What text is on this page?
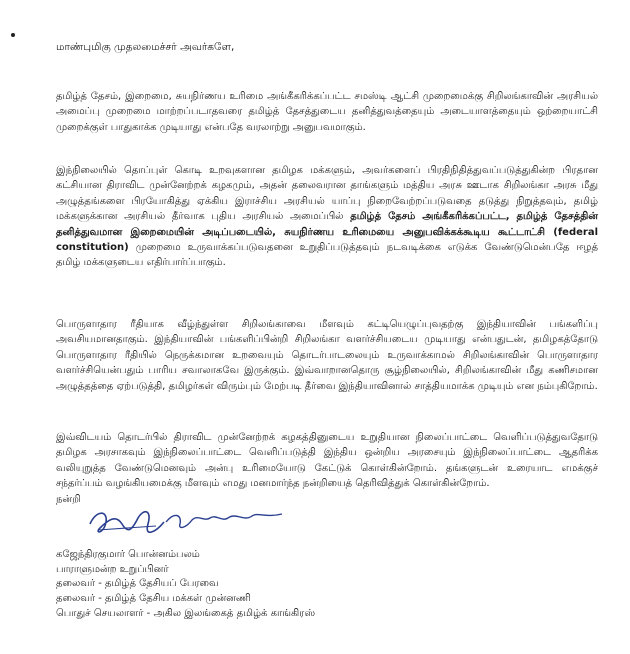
மாண்புமிகு முதலமைச்சர் அவர்களே,
தமிழ்த் தேசம், இறைமை, சுயநிர்ணய உரிமை அங்கீகரிக்கப்பட்ட சமஸ்டி ஆட்சி முறைமைக்கு சிறிலங்காவின் அரசியல் அமைப்பு முறைமை மாற்றப்படாதவரை தமிழ்த் தேசத்துடைய தனித்துவத்தையும் அடையாளத்தையும் ஒற்றையாட்சி முறைக்குள் பாதுகாக்க முடியாது என்பதே வரலாற்று அனுபவமாகும்.
இந்நிலையில் தொப்புள் கொடி உறவுகளான தமிழக மக்களும், அவர்களைப் பிரதிநிதித்துவப்படுத்துகின்ற பிரதான கட்சியான திராவிட முன்னேற்றக் கழகமும், அதன் தலைவரான தாங்களும் மத்திய அரசு ஊடாக சிறிலங்கா அரசு மீது அழுத்தங்களை பிரயோகித்து ஏக்கிய இராச்சிய அரசியல் யாப்பு நிறைவேற்றப்படுவதை தடுத்து நிறுத்தவும், தமிழ் மக்களுக்கான அரசியல் தீர்வாக புதிய அரசியல் அமைப்பில் தமிழ்த் தேசம் அங்கீகரிக்கப்பட்ட, தமிழ்த் தேசத்தின் தனித்துவமான இறைமையின் அடிப்படையில், சுயநிர்ணய உரிமையை அனுபவிக்கக்கூடிய கூட்டாட்சி (federal constitution) முறைமை உருவாக்கப்படுவதனை உறுதிப்படுத்தவும் நடவடிக்கை எடுக்க வேண்டுமென்பதே ஈழத் தமிழ் மக்களுடைய எதிர்பார்ப்பாகும்.
பொருளாதார ரீதியாக வீழ்ந்துள்ள சிறிலங்காவை மீளவும் கட்டியெழுப்புவதற்கு இந்தியாவின் பங்களிப்பு அவசியமானதாகும். இந்தியாவின் பங்களிப்பின்றி சிறிலங்கா வளர்ச்சியடைய முடியாது என்பதுடன், தமிழகத்தோடு பொருளாதார ரீதியில் நெருக்கமான உறவையும் தொடர்பாடலையும் உருவாக்காமல் சிறிலங்காவின் பொருளாதார வளர்ச்சியென்பதும் பாரிய சவாலாகவே இருக்கும். இவ்வாறானதொரு சூழ்நிலையில், சிறிலங்காவின் மீது கணிசமான அழுத்தத்தை ஏற்படுத்தி, தமிழர்கள் விரும்பும் மேற்படி தீர்வை இந்தியாவினால் சாத்தியமாக்க முடியும் என நம்புகிறோம்.
இவ்விடயம் தொடர்பில் திராவிட முன்னேற்றக் கழகத்தினுடைய உறுதியான நிலைப்பாட்டை வெளிப்படுத்துவதோடு தமிழக அரசாகவும் இந்நிலைப்பாட்டை வெளிப்படுத்தி இந்திய ஒன்றிய அரசையும் இந்நிலைப்பாட்டை ஆதரிக்க வலியுறுத்த வேண்டுமெனவும் அன்பு உரிமையோடு கேட்டுக் கொள்கின்றோம். தங்களுடன் உரையாட எமக்குச் சந்தர்ப்பம் வழங்கியமைக்கு மீளவும் எமது மனமார்ந்த நன்றியைத் தெரிவித்துக் கொள்கின்றோம்.
நன்றி
கஜேந்திரகுமார் பொன்னம்பலம்
பாராளுமன்ற உறுப்பினர்
தலைவர் - தமிழ்த் தேசியப் பேரவை
தலைவர் - தமிழ்த் தேசிய மக்கள் முன்னணி
பொதுச் செயலாளர் - அகில இலங்கைத் தமிழ்க் காங்கிரஸ்
